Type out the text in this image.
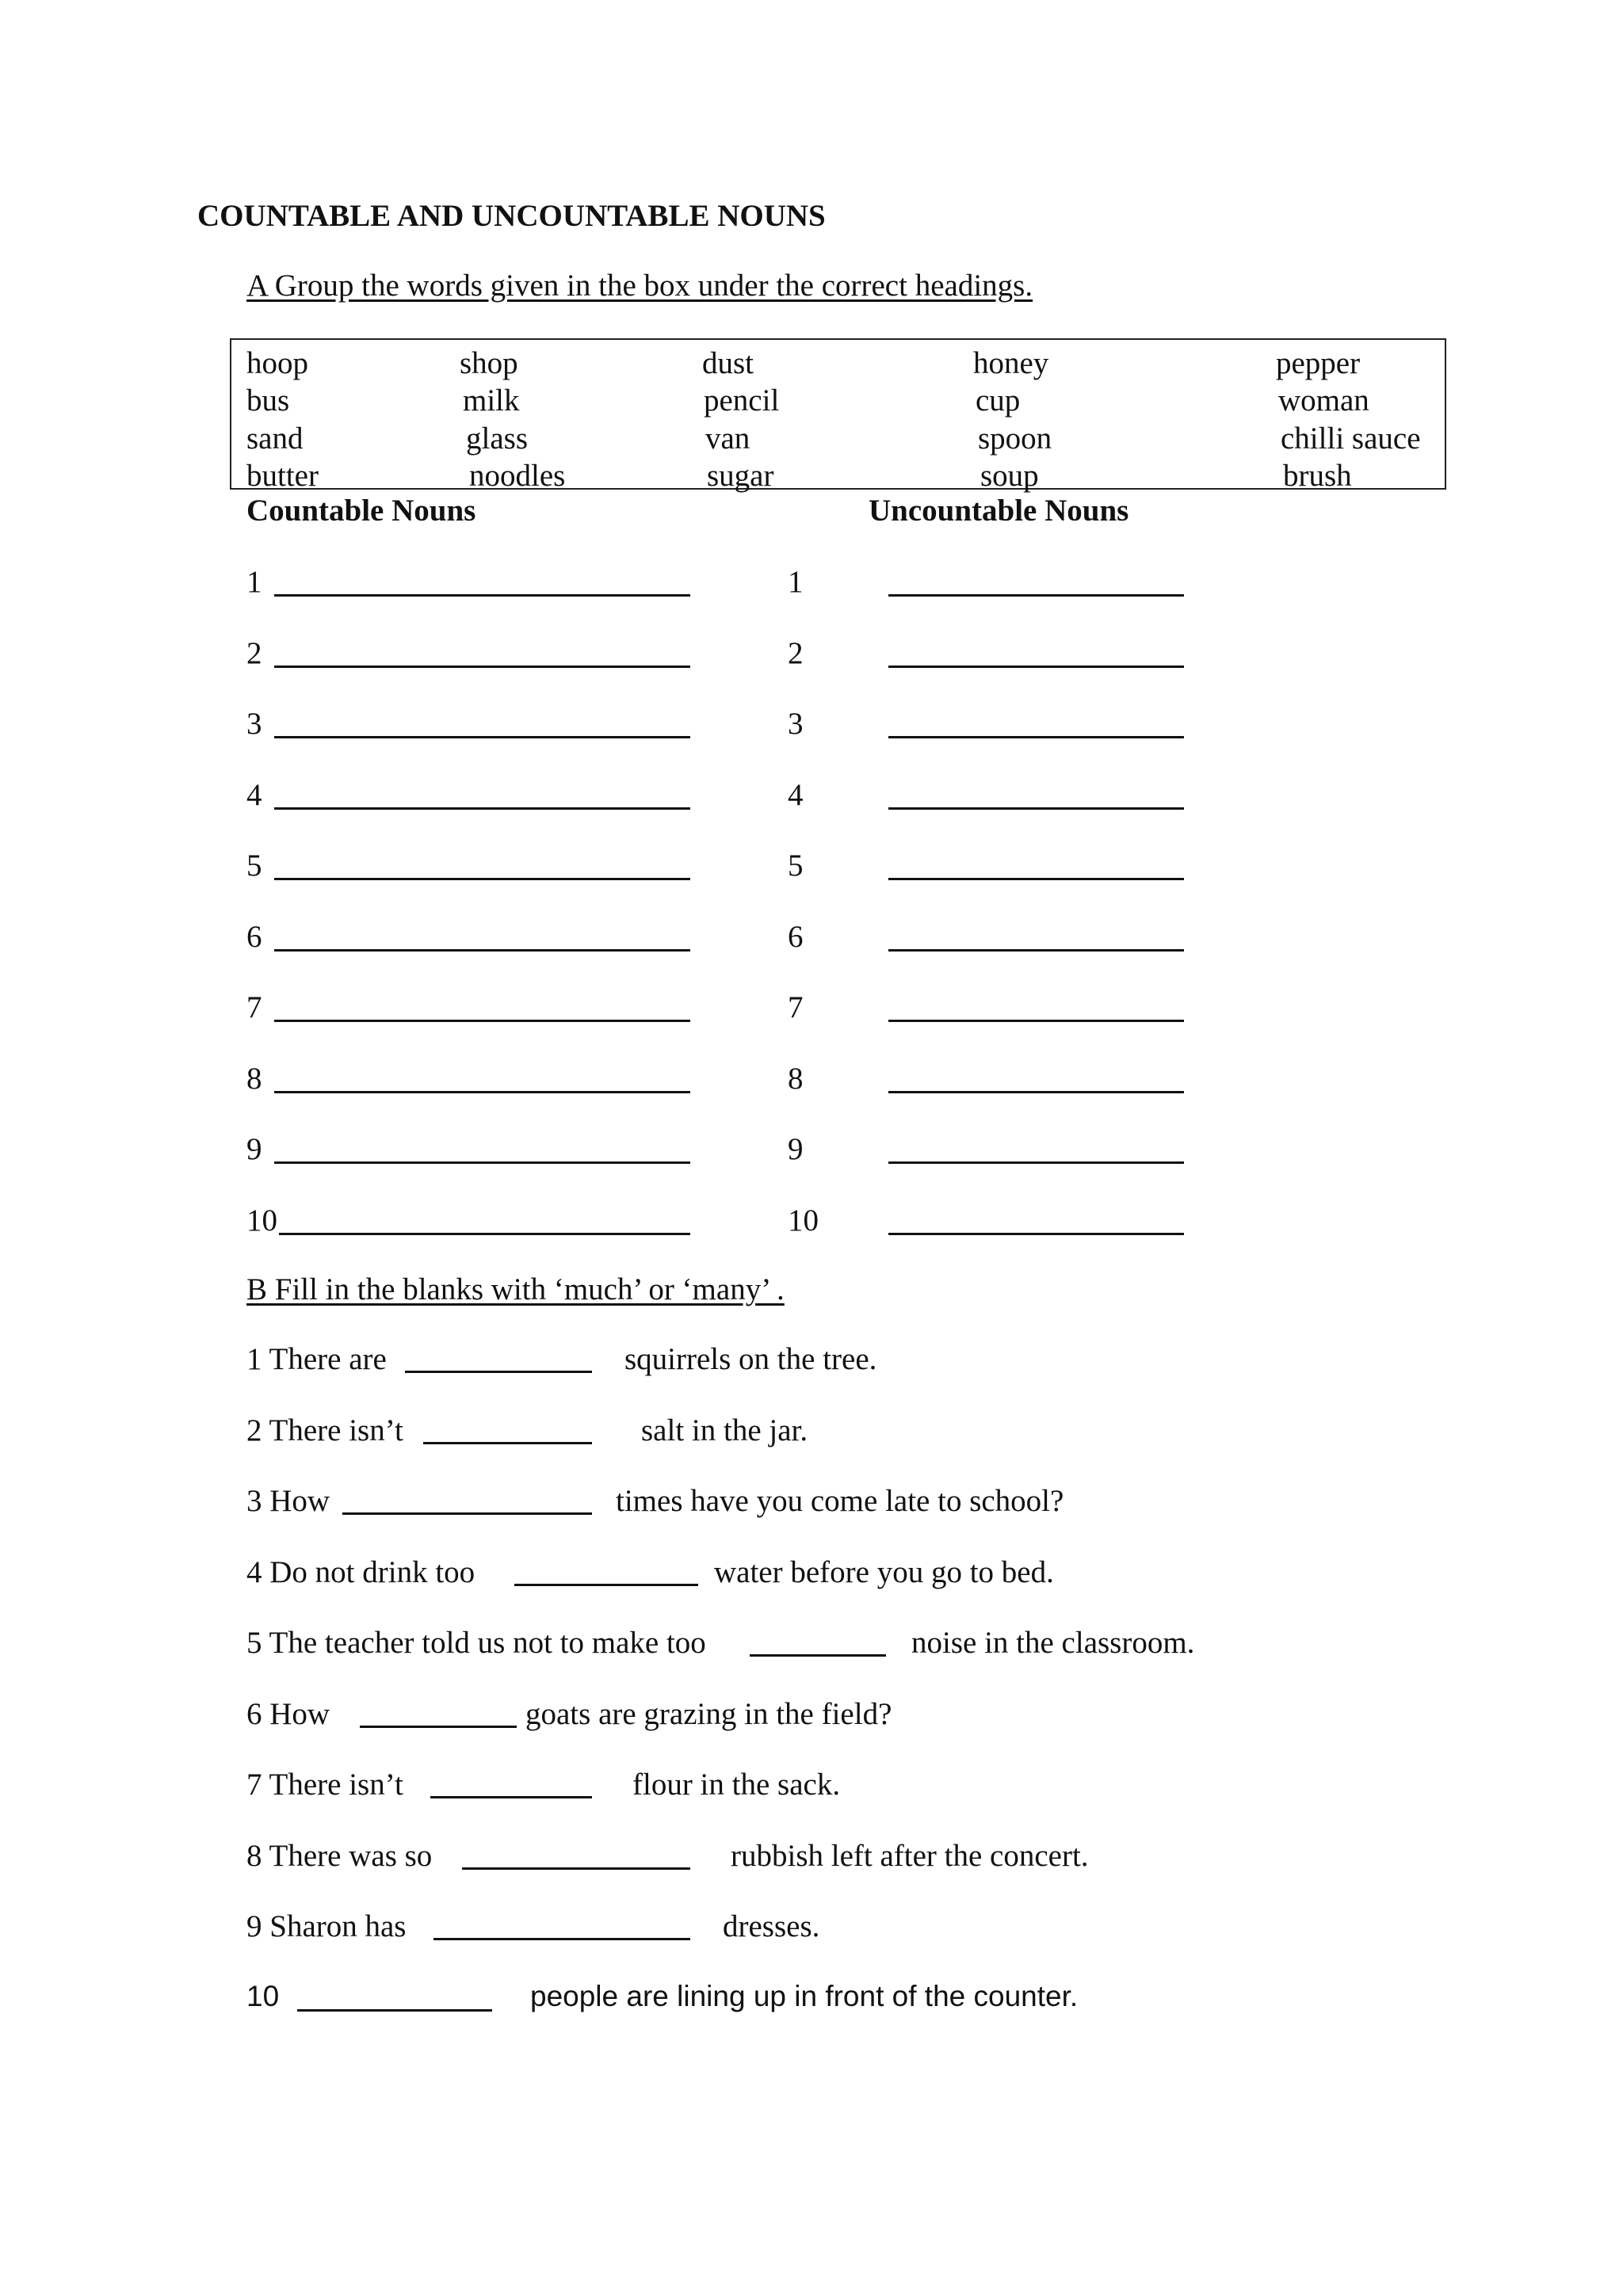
COUNTABLE AND UNCOUNTABLE NOUNS
A Group the words given in the box under the correct headings.
hoop	shop	dust	honey	pepper
bus	milk	pencil	cup	woman
sand	glass	van	spoon	chilli sauce
butter	noodles	sugar	soup	brush
Countable Nouns	Uncountable Nouns
1	1
2	2
3	3
4	4
5	5
6	6
7	7
8	8
9	9
10	10
B Fill in the blanks with ‘much’ or ‘many’ .
1 There are	squirrels on the tree.
2 There isn’t	salt in the jar.
3 How	times have you come late to school?
4 Do not drink too	water before you go to bed.
5 The teacher told us not to make too	noise in the classroom.
6 How	goats are grazing in the field?
7 There isn’t	flour in the sack.
8 There was so	rubbish left after the concert.
9 Sharon has	dresses.
10	people are lining up in front of the counter.
